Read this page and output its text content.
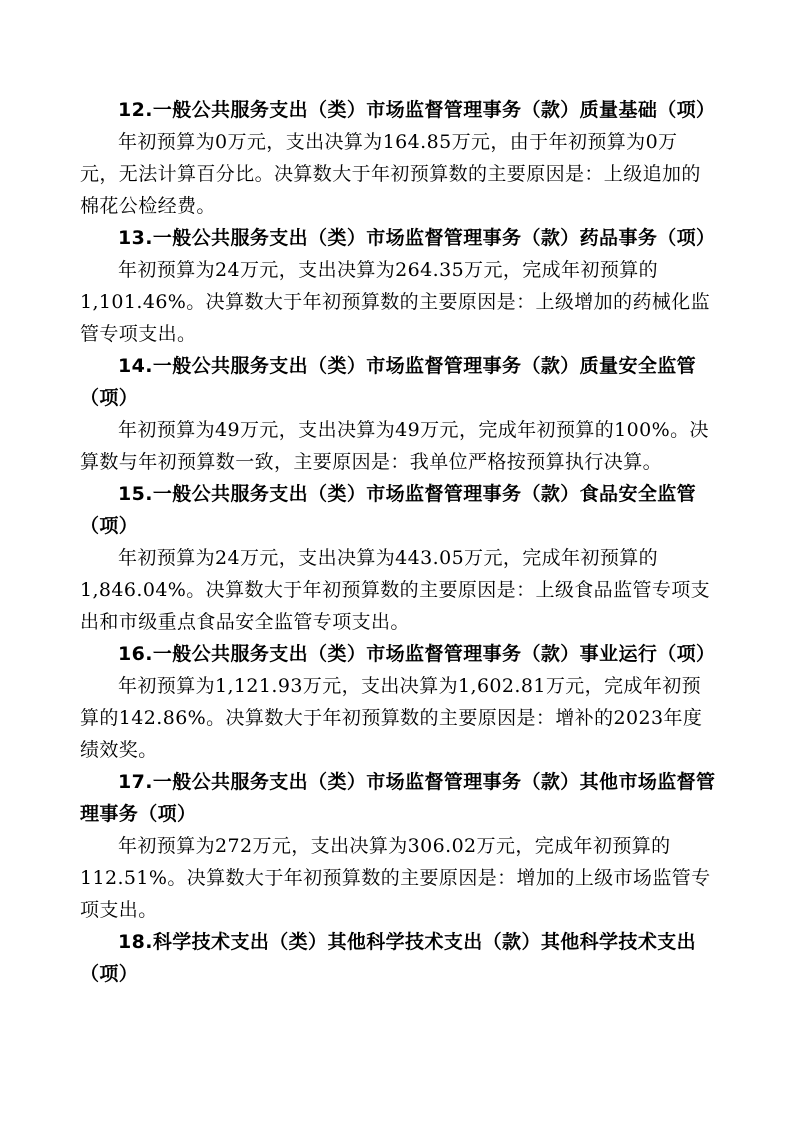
12.一般公共服务支出（类）市场监督管理事务（款）质量基础（项）

年初预算为0万元，支出决算为164.85万元，由于年初预算为0万元，无法计算百分比。决算数大于年初预算数的主要原因是：上级追加的棉花公检经费。

13.一般公共服务支出（类）市场监督管理事务（款）药品事务（项）

年初预算为24万元，支出决算为264.35万元，完成年初预算的1,101.46%。决算数大于年初预算数的主要原因是：上级增加的药械化监管专项支出。

14.一般公共服务支出（类）市场监督管理事务（款）质量安全监管（项）

年初预算为49万元，支出决算为49万元，完成年初预算的100%。决算数与年初预算数一致，主要原因是：我单位严格按预算执行决算。

15.一般公共服务支出（类）市场监督管理事务（款）食品安全监管（项）

年初预算为24万元，支出决算为443.05万元，完成年初预算的1,846.04%。决算数大于年初预算数的主要原因是：上级食品监管专项支出和市级重点食品安全监管专项支出。

16.一般公共服务支出（类）市场监督管理事务（款）事业运行（项）

年初预算为1,121.93万元，支出决算为1,602.81万元，完成年初预算的142.86%。决算数大于年初预算数的主要原因是：增补的2023年度绩效奖。

17.一般公共服务支出（类）市场监督管理事务（款）其他市场监督管理事务（项）

年初预算为272万元，支出决算为306.02万元，完成年初预算的112.51%。决算数大于年初预算数的主要原因是：增加的上级市场监管专项支出。

18.科学技术支出（类）其他科学技术支出（款）其他科学技术支出（项）
